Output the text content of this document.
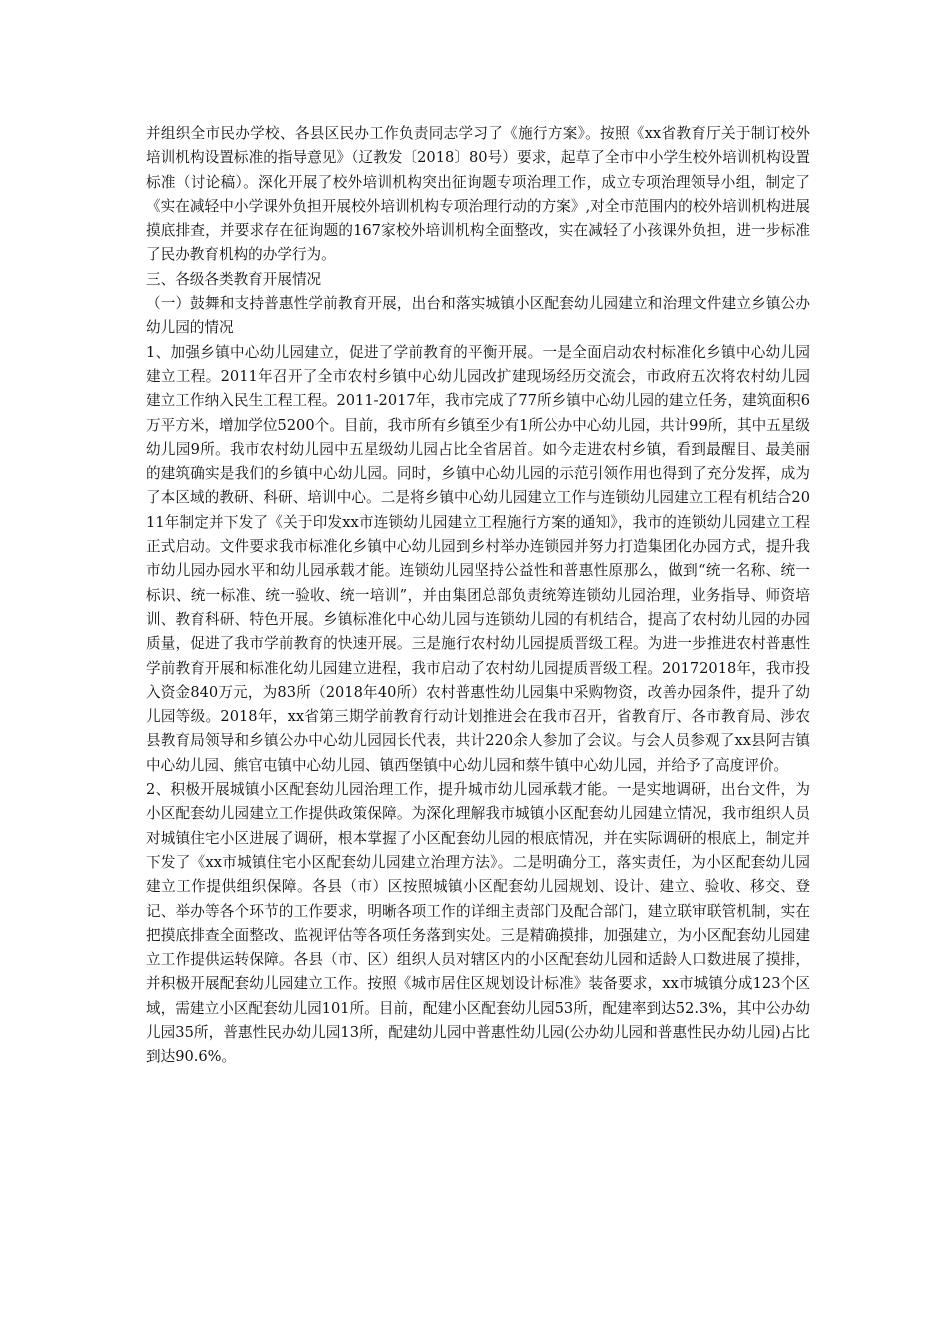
并组织全市民办学校、各县区民办工作负责同志学习了《施行方案》。按照《xx省教育厅关于制订校外培训机构设置标准的指导意见》（辽教发〔2018〕80号）要求，起草了全市中小学生校外培训机构设置标准（讨论稿）。深化开展了校外培训机构突出征询题专项治理工作，成立专项治理领导小组，制定了《实在减轻中小学课外负担开展校外培训机构专项治理行动的方案》,对全市范围内的校外培训机构进展摸底排查，并要求存在征询题的167家校外培训机构全面整改，实在减轻了小孩课外负担，进一步标准了民办教育机构的办学行为。

三、各级各类教育开展情况

（一）鼓舞和支持普惠性学前教育开展，出台和落实城镇小区配套幼儿园建立和治理文件建立乡镇公办幼儿园的情况

1、加强乡镇中心幼儿园建立，促进了学前教育的平衡开展。一是全面启动农村标准化乡镇中心幼儿园建立工程。2011年召开了全市农村乡镇中心幼儿园改扩建现场经历交流会，市政府五次将农村幼儿园建立工作纳入民生工程工程。2011-2017年，我市完成了77所乡镇中心幼儿园的建立任务，建筑面积6万平方米，增加学位5200个。目前，我市所有乡镇至少有1所公办中心幼儿园，共计99所，其中五星级幼儿园9所。我市农村幼儿园中五星级幼儿园占比全省居首。如今走进农村乡镇，看到最醒目、最美丽的建筑确实是我们的乡镇中心幼儿园。同时，乡镇中心幼儿园的示范引领作用也得到了充分发挥，成为了本区域的教研、科研、培训中心。二是将乡镇中心幼儿园建立工作与连锁幼儿园建立工程有机结合2011年制定并下发了《关于印发xx市连锁幼儿园建立工程施行方案的通知》，我市的连锁幼儿园建立工程正式启动。文件要求我市标准化乡镇中心幼儿园到乡村举办连锁园并努力打造集团化办园方式，提升我市幼儿园办园水平和幼儿园承载才能。连锁幼儿园坚持公益性和普惠性原那么，做到“统一名称、统一标识、统一标准、统一验收、统一培训”，并由集团总部负责统筹连锁幼儿园治理，业务指导、师资培训、教育科研、特色开展。乡镇标准化中心幼儿园与连锁幼儿园的有机结合，提高了农村幼儿园的办园质量，促进了我市学前教育的快速开展。三是施行农村幼儿园提质晋级工程。为进一步推进农村普惠性学前教育开展和标准化幼儿园建立进程，我市启动了农村幼儿园提质晋级工程。20172018年，我市投入资金840万元，为83所（2018年40所）农村普惠性幼儿园集中采购物资，改善办园条件，提升了幼儿园等级。2018年，xx省第三期学前教育行动计划推进会在我市召开，省教育厅、各市教育局、涉农县教育局领导和乡镇公办中心幼儿园园长代表，共计220余人参加了会议。与会人员参观了xx县阿吉镇中心幼儿园、熊官屯镇中心幼儿园、镇西堡镇中心幼儿园和蔡牛镇中心幼儿园，并给予了高度评价。

2、积极开展城镇小区配套幼儿园治理工作，提升城市幼儿园承载才能。一是实地调研，出台文件，为小区配套幼儿园建立工作提供政策保障。为深化理解我市城镇小区配套幼儿园建立情况，我市组织人员对城镇住宅小区进展了调研，根本掌握了小区配套幼儿园的根底情况，并在实际调研的根底上，制定并下发了《xx市城镇住宅小区配套幼儿园建立治理方法》。二是明确分工，落实责任，为小区配套幼儿园建立工作提供组织保障。各县（市）区按照城镇小区配套幼儿园规划、设计、建立、验收、移交、登记、举办等各个环节的工作要求，明晰各项工作的详细主责部门及配合部门，建立联审联管机制，实在把摸底排查全面整改、监视评估等各项任务落到实处。三是精确摸排，加强建立，为小区配套幼儿园建立工作提供运转保障。各县（市、区）组织人员对辖区内的小区配套幼儿园和适龄人口数进展了摸排，并积极开展配套幼儿园建立工作。按照《城市居住区规划设计标准》装备要求，xx市城镇分成123个区域，需建立小区配套幼儿园101所。目前，配建小区配套幼儿园53所，配建率到达52.3%，其中公办幼儿园35所，普惠性民办幼儿园13所，配建幼儿园中普惠性幼儿园(公办幼儿园和普惠性民办幼儿园)占比到达90.6%。
